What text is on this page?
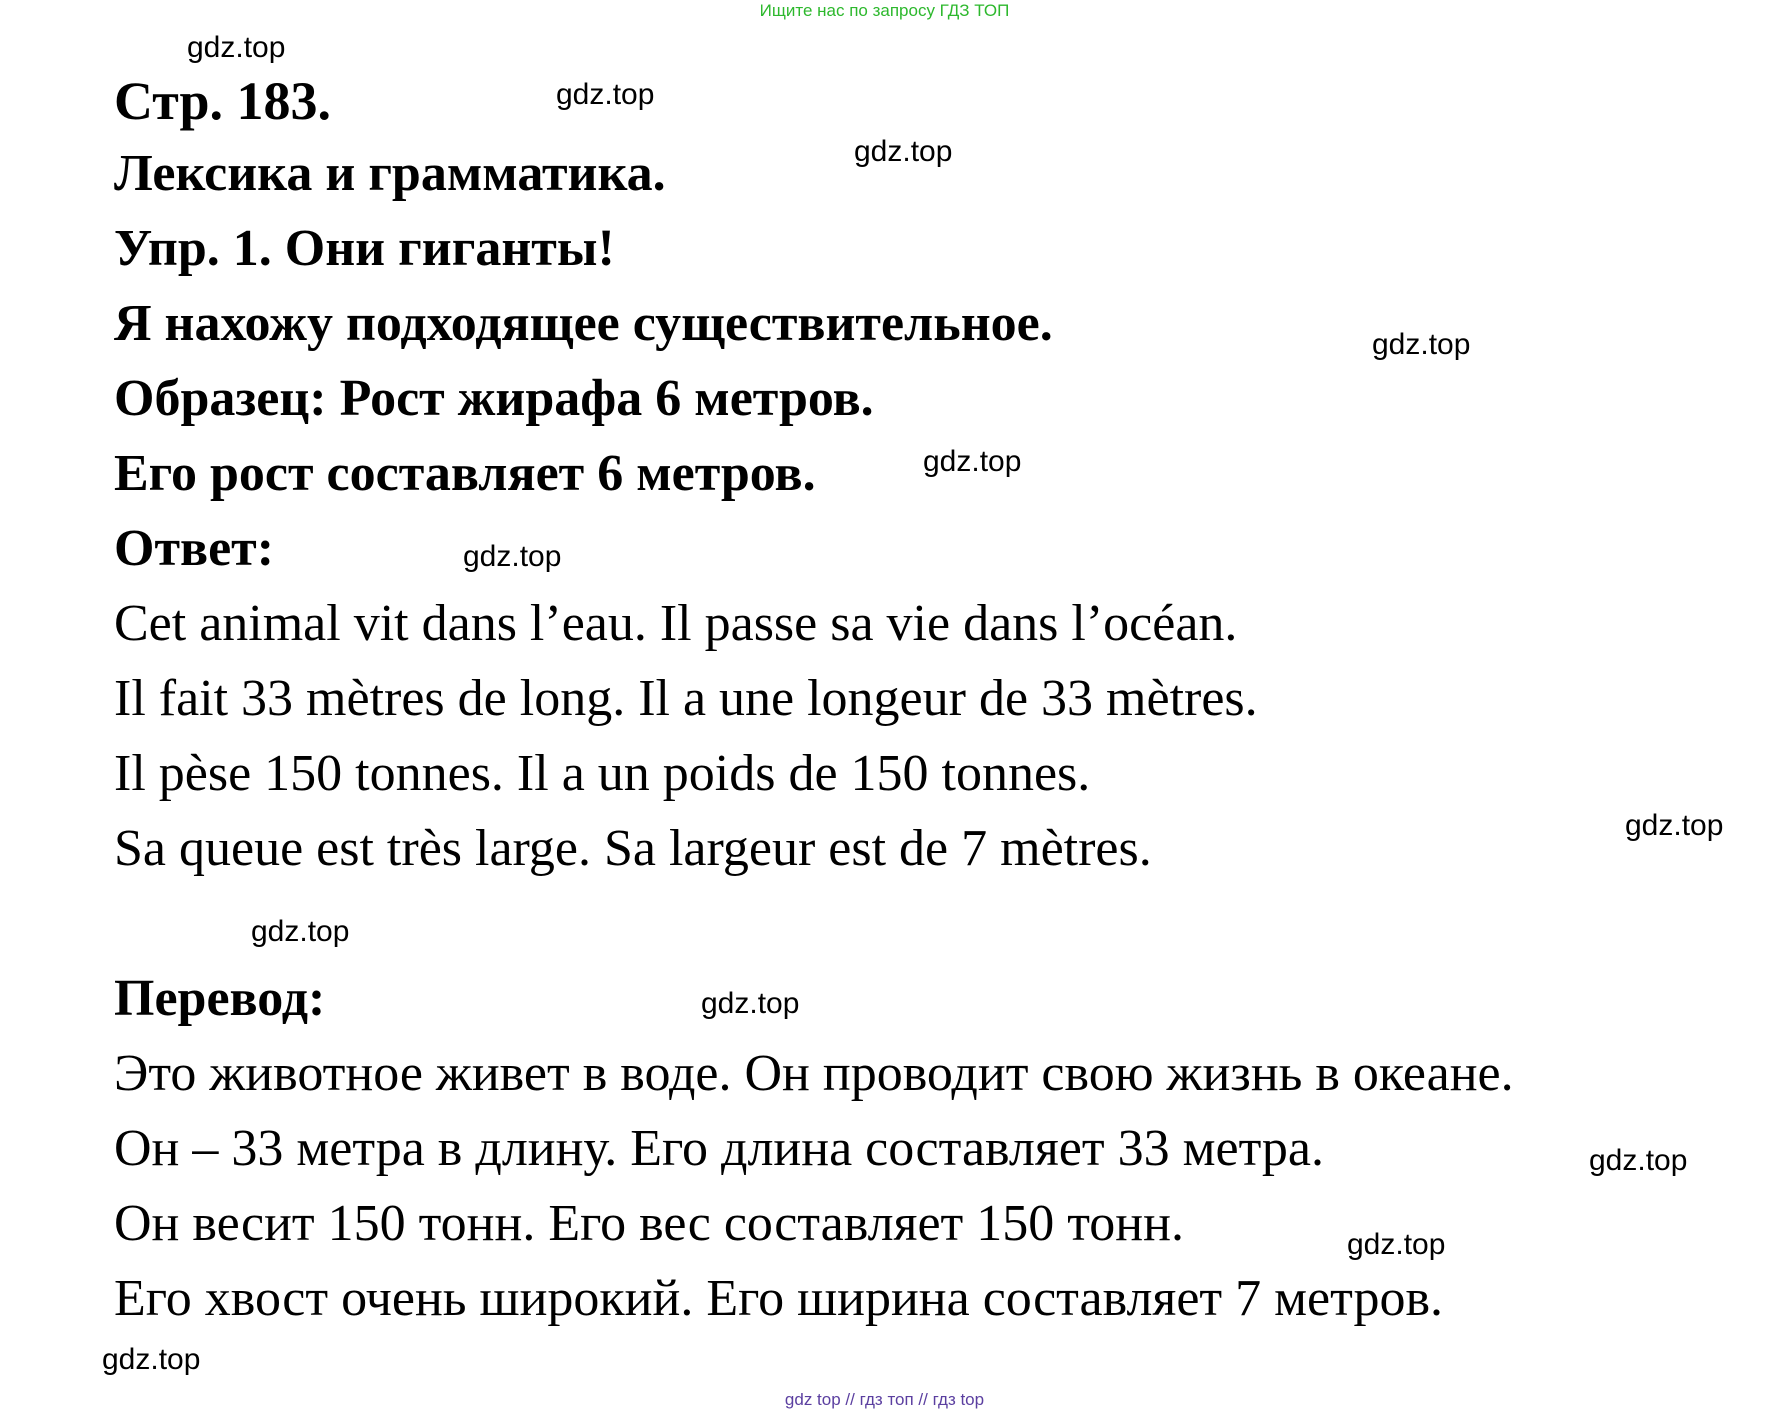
Ищите нас по запросу ГДЗ ТОП
Стр. 183.
Лексика и грамматика.
Упр. 1. Они гиганты!
Я нахожу подходящее существительное.
Образец: Рост жирафа 6 метров.
Его рост составляет 6 метров.
Ответ:
Cet animal vit dans l’eau. Il passe sa vie dans l’océan.
Il fait 33 mètres de long. Il a une longeur de 33 mètres.
Il pèse 150 tonnes. Il a un poids de 150 tonnes.
Sa queue est très large. Sa largeur est de 7 mètres.
Перевод:
Это животное живет в воде. Он проводит свою жизнь в океане.
Он – 33 метра в длину. Его длина составляет 33 метра.
Он весит 150 тонн. Его вес составляет 150 тонн.
Его хвост очень широкий. Его ширина составляет 7 метров.
gdz.top
gdz.top
gdz.top
gdz.top
gdz.top
gdz.top
gdz.top
gdz.top
gdz.top
gdz.top
gdz.top
gdz.top
gdz top // гдз топ // гдз top
